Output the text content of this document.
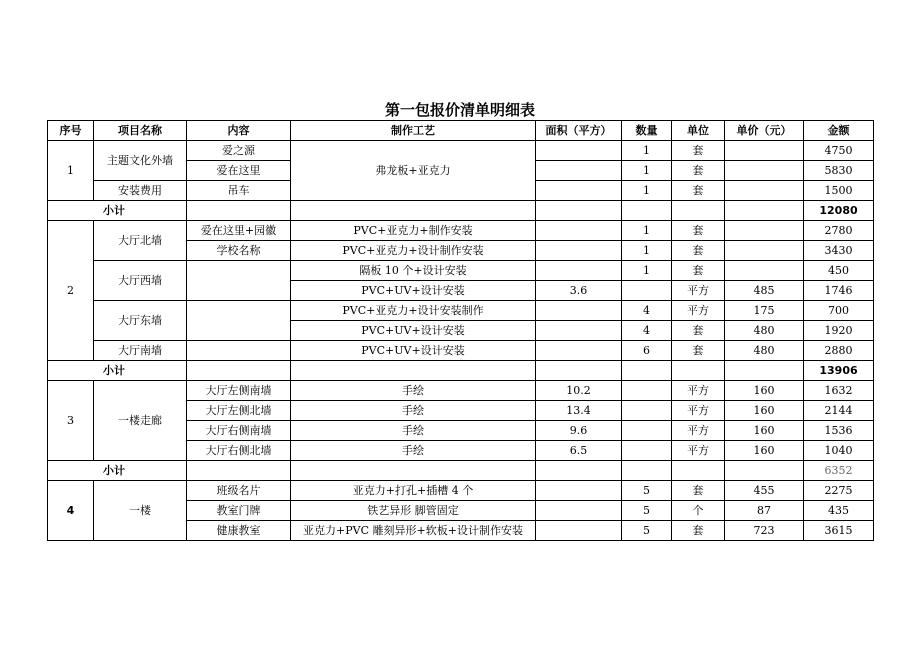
第一包报价清单明细表
序号	项目名称	内容	制作工艺	面积（平方）	数量	单位	单价（元）	金额
1	主题文化外墙	爱之源	弗龙板+亚克力		1	套		4750
		爱在这里			1	套		5830
	安装费用	吊车			1	套		1500
小计								12080
2	大厅北墙	爱在这里+园徽	PVC+亚克力+制作安装		1	套		2780
		学校名称	PVC+亚克力+设计制作安装		1	套		3430
	大厅西墙		隔板 10 个+设计安装		1	套		450
			PVC+UV+设计安装	3.6		平方	485	1746
	大厅东墙		PVC+亚克力+设计安装制作		4	平方	175	700
			PVC+UV+设计安装		4	套	480	1920
	大厅南墙		PVC+UV+设计安装		6	套	480	2880
小计								13906
3	一楼走廊	大厅左侧南墙	手绘	10.2		平方	160	1632
		大厅左侧北墙	手绘	13.4		平方	160	2144
		大厅右侧南墙	手绘	9.6		平方	160	1536
		大厅右侧北墙	手绘	6.5		平方	160	1040
小计								6352
4	一楼	班级名片	亚克力+打孔+插槽 4 个		5	套	455	2275
		教室门牌	铁艺异形 脚管固定		5	个	87	435
		健康教室	亚克力+PVC 雕刻异形+软板+设计制作安装		5	套	723	3615
